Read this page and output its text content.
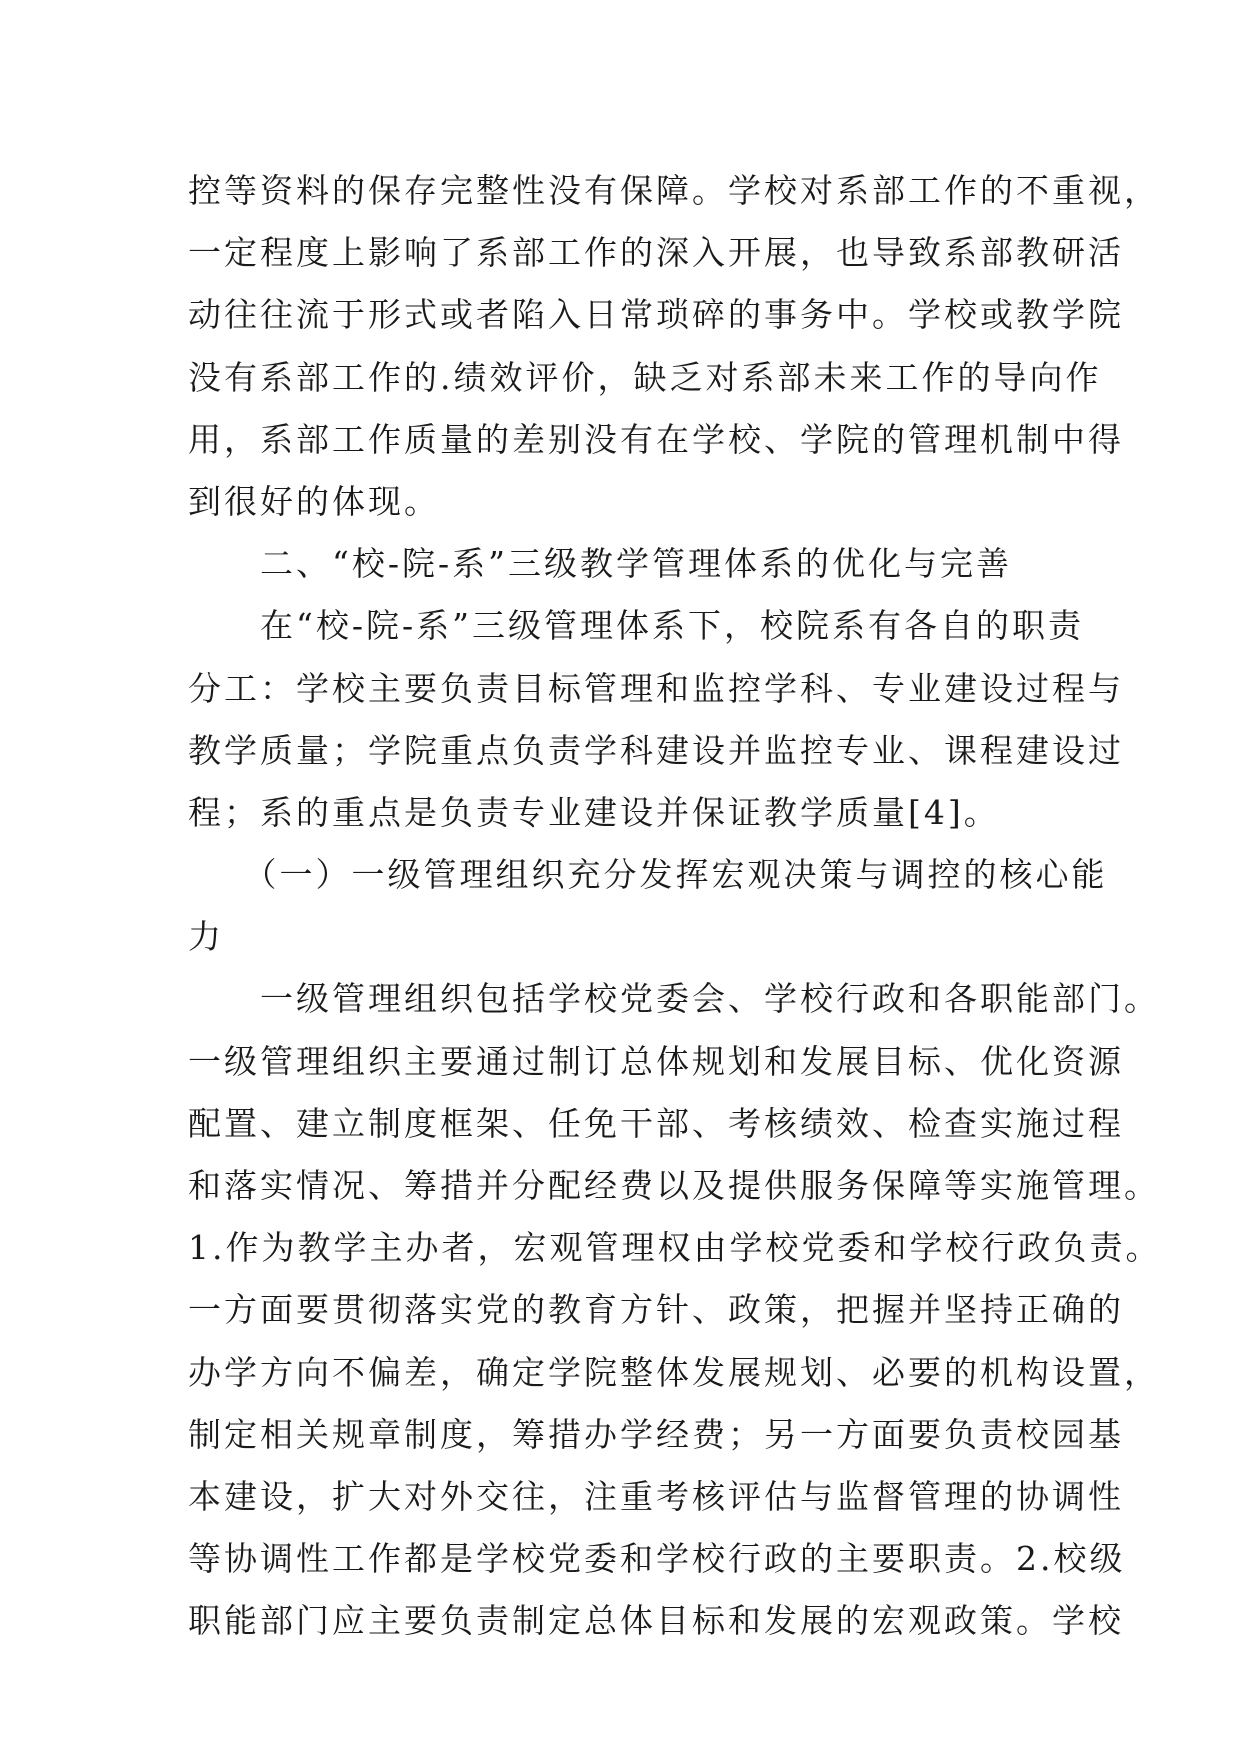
控等资料的保存完整性没有保障。学校对系部工作的不重视，
一定程度上影响了系部工作的深入开展，也导致系部教研活
动往往流于形式或者陷入日常琐碎的事务中。学校或教学院
没有系部工作的.绩效评价，缺乏对系部未来工作的导向作
用，系部工作质量的差别没有在学校、学院的管理机制中得
到很好的体现。
　　二、“校-院-系”三级教学管理体系的优化与完善
　　在“校-院-系”三级管理体系下，校院系有各自的职责
分工：学校主要负责目标管理和监控学科、专业建设过程与
教学质量；学院重点负责学科建设并监控专业、课程建设过
程；系的重点是负责专业建设并保证教学质量[4]。
　　（一）一级管理组织充分发挥宏观决策与调控的核心能
力
　　一级管理组织包括学校党委会、学校行政和各职能部门。
一级管理组织主要通过制订总体规划和发展目标、优化资源
配置、建立制度框架、任免干部、考核绩效、检查实施过程
和落实情况、筹措并分配经费以及提供服务保障等实施管理。
1.作为教学主办者，宏观管理权由学校党委和学校行政负责。
一方面要贯彻落实党的教育方针、政策，把握并坚持正确的
办学方向不偏差，确定学院整体发展规划、必要的机构设置，
制定相关规章制度，筹措办学经费；另一方面要负责校园基
本建设，扩大对外交往，注重考核评估与监督管理的协调性
等协调性工作都是学校党委和学校行政的主要职责。2.校级
职能部门应主要负责制定总体目标和发展的宏观政策。学校
